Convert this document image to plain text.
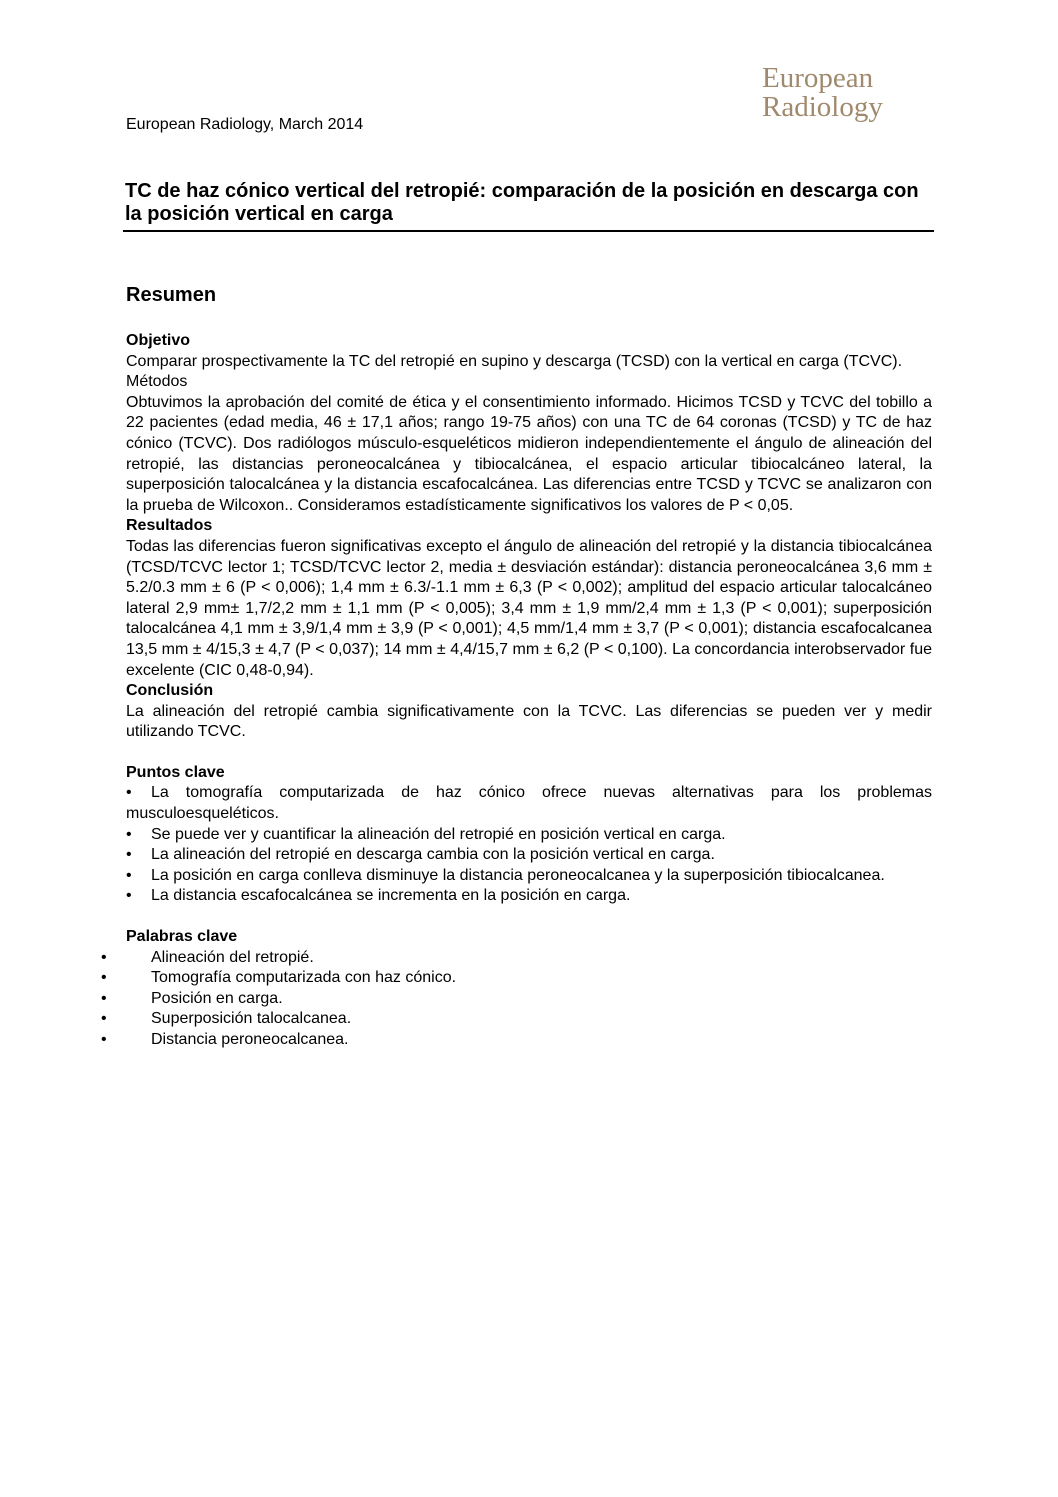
European
Radiology
European Radiology, March 2014
TC de haz cónico vertical del retropié: comparación de la posición en descarga con la posición vertical en carga
Resumen

Objetivo

Comparar prospectivamente la TC del retropié en supino y descarga (TCSD) con la vertical en carga (TCVC).

Métodos

Obtuvimos la aprobación del comité de ética y el consentimiento informado. Hicimos TCSD y TCVC del tobillo a 22 pacientes (edad media, 46 ± 17,1 años; rango 19-75 años) con una TC de 64 coronas (TCSD) y TC de haz cónico (TCVC). Dos radiólogos músculo-esqueléticos midieron independientemente el ángulo de alineación del retropié, las distancias peroneocalcánea y tibiocalcánea, el espacio articular tibiocalcáneo lateral, la superposición talocalcánea y la distancia escafocalcánea. Las diferencias entre TCSD y TCVC se analizaron con la prueba de Wilcoxon.. Consideramos estadísticamente significativos los valores de P < 0,05.

Resultados

Todas las diferencias fueron significativas excepto el ángulo de alineación del retropié y la distancia tibiocalcánea (TCSD/TCVC lector 1; TCSD/TCVC lector 2, media ± desviación estándar): distancia peroneocalcánea 3,6 mm ± 5.2/0.3 mm ± 6 (P < 0,006); 1,4 mm ± 6.3/-1.1 mm ± 6,3 (P < 0,002); amplitud del espacio articular talocalcáneo lateral 2,9 mm± 1,7/2,2 mm ± 1,1 mm (P < 0,005); 3,4 mm ± 1,9 mm/2,4 mm ± 1,3 (P < 0,001); superposición talocalcánea 4,1 mm ± 3,9/1,4 mm ± 3,9 (P < 0,001); 4,5 mm/1,4 mm ± 3,7 (P < 0,001); distancia escafocalcanea 13,5 mm ± 4/15,3 ± 4,7 (P < 0,037); 14 mm ± 4,4/15,7 mm ± 6,2 (P < 0,100). La concordancia interobservador fue excelente (CIC 0,48-0,94).

Conclusión

La alineación del retropié cambia significativamente con la TCVC. Las diferencias se pueden ver y medir utilizando TCVC.

Puntos clave

• La tomografía computarizada de haz cónico ofrece nuevas alternativas para los problemas musculoesqueléticos.
• Se puede ver y cuantificar la alineación del retropié en posición vertical en carga.
• La alineación del retropié en descarga cambia con la posición vertical en carga.
• La posición en carga conlleva disminuye la distancia peroneocalcanea y la superposición tibiocalcanea.
• La distancia escafocalcánea se incrementa en la posición en carga.

Palabras clave

•	Alineación del retropié.
•	Tomografía computarizada con haz cónico.
•	Posición en carga.
•	Superposición talocalcanea.
•	Distancia peroneocalcanea.
